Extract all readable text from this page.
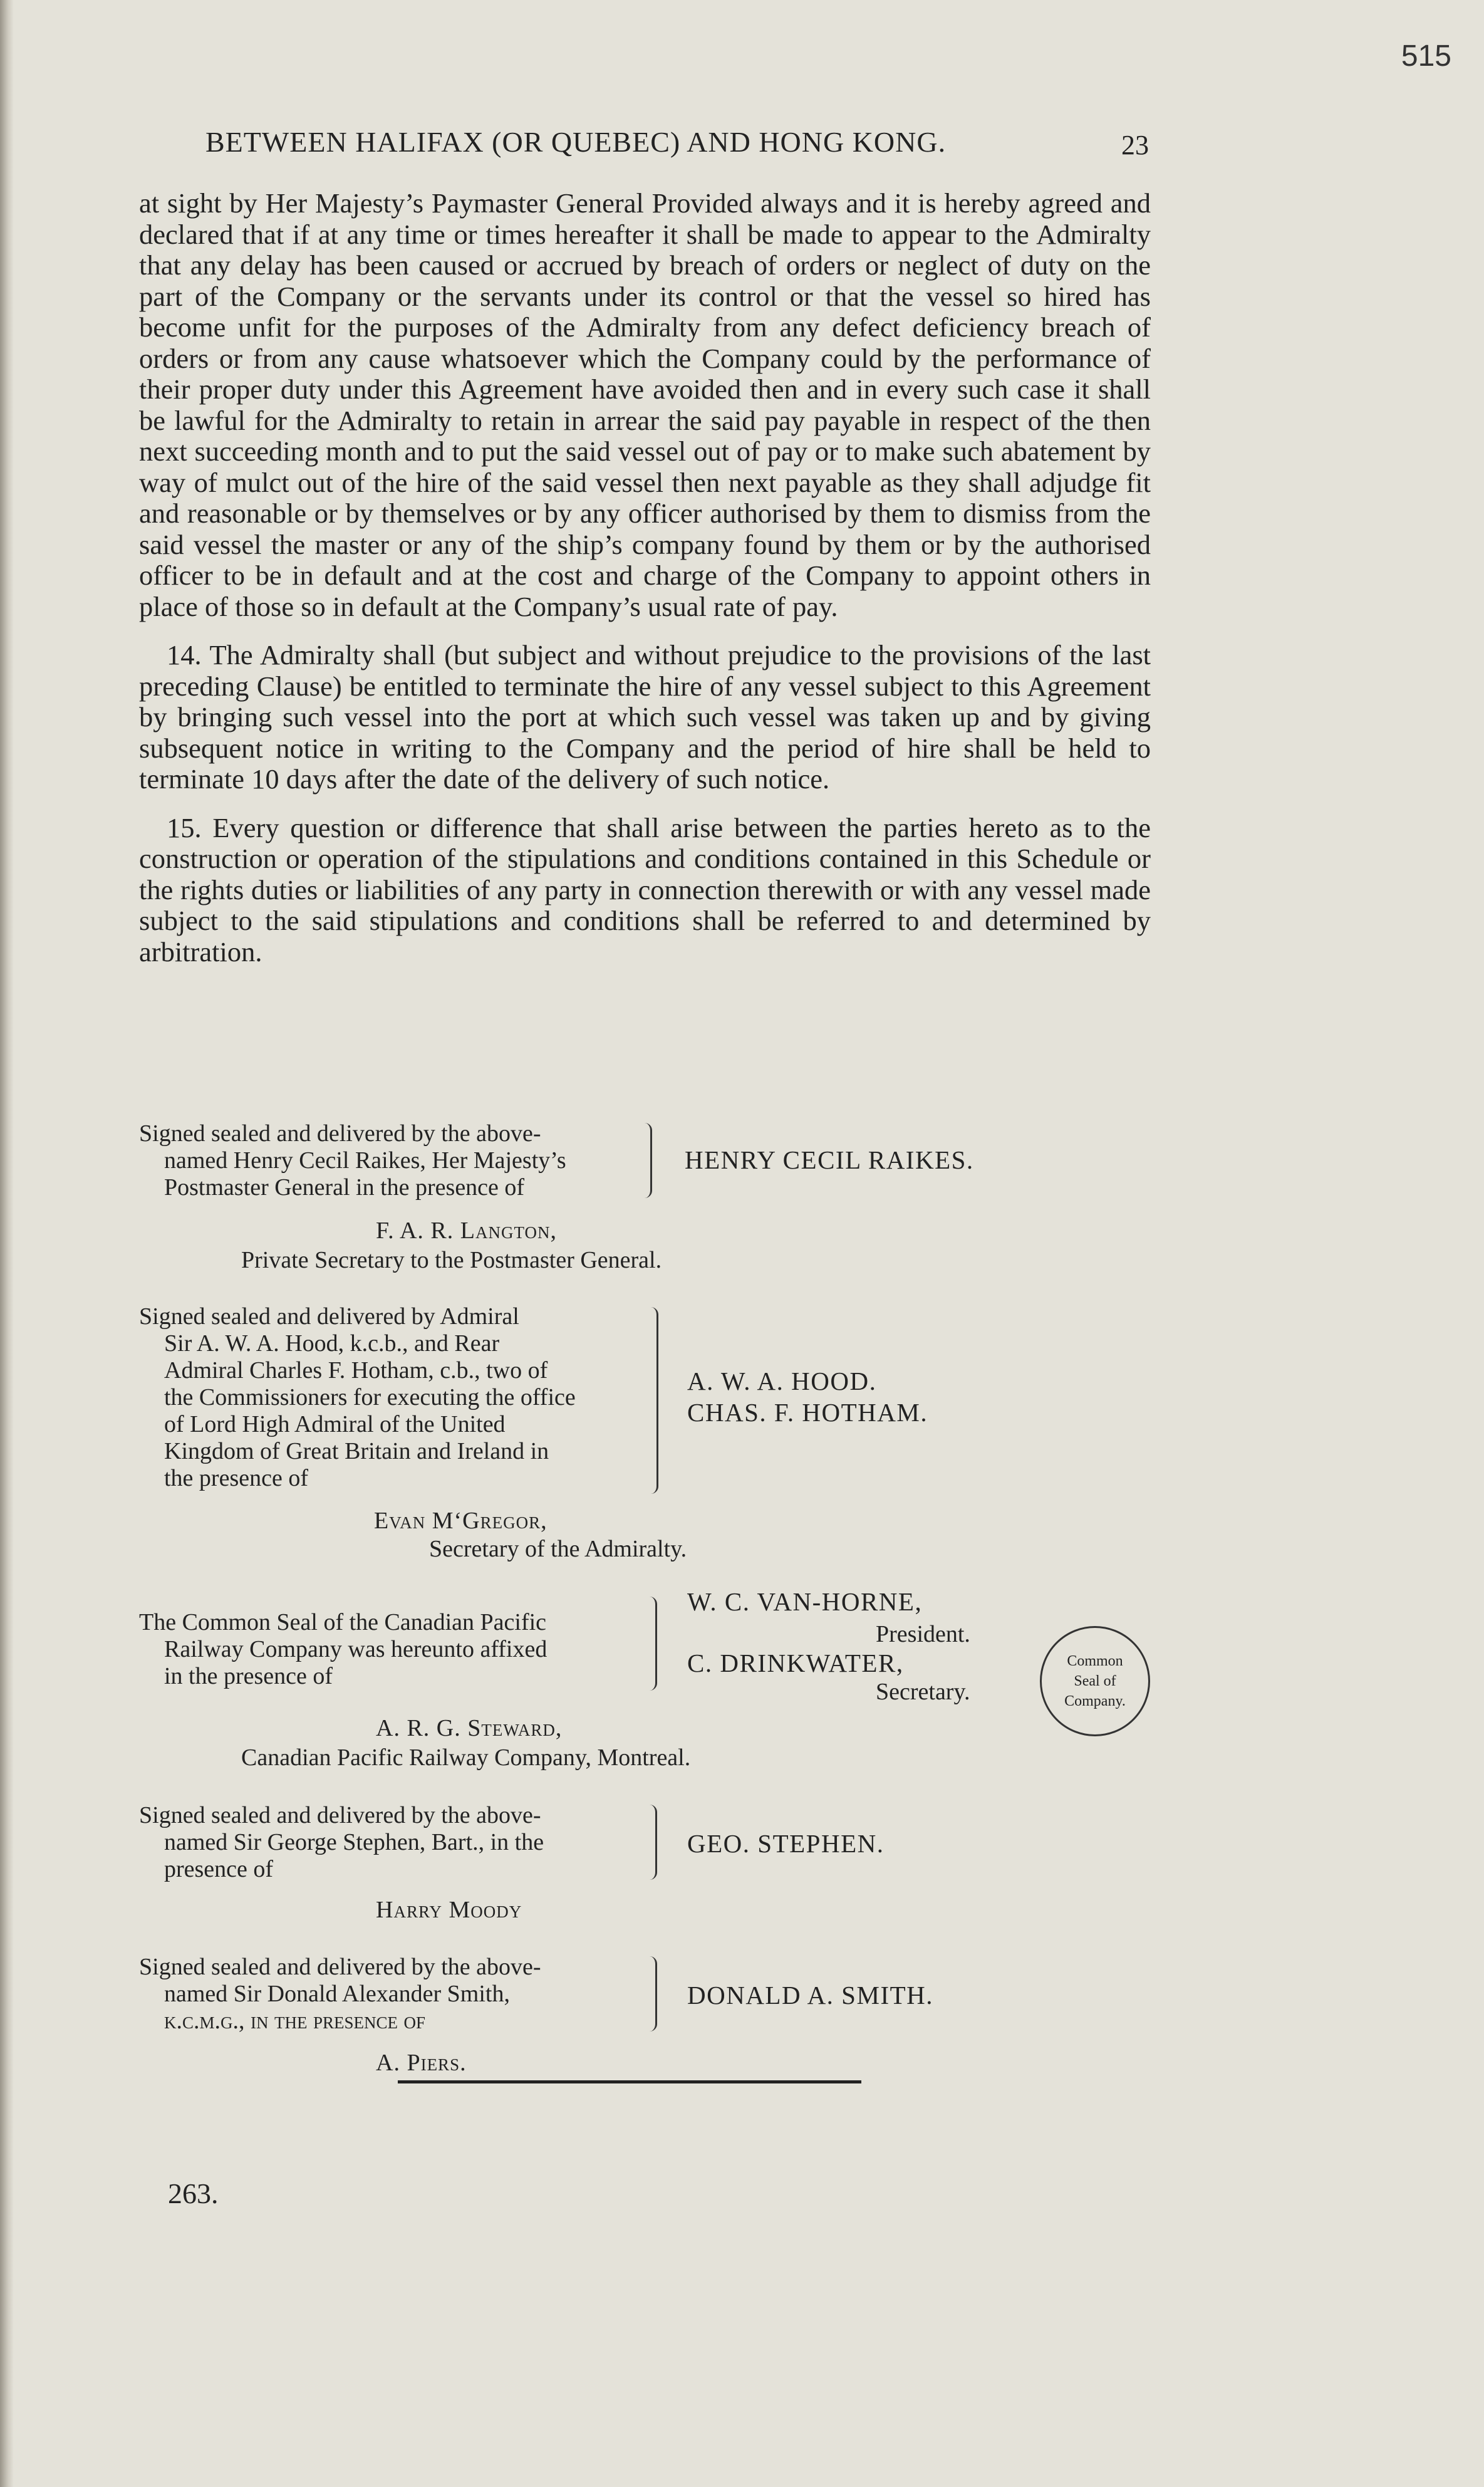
515
BETWEEN HALIFAX (OR QUEBEC) AND HONG KONG.	23

at sight by Her Majesty’s Paymaster General Provided always and it is hereby agreed and declared that if at any time or times hereafter it shall be made to appear to the Admiralty that any delay has been caused or accrued by breach of orders or neglect of duty on the part of the Company or the servants under its control or that the vessel so hired has become unfit for the purposes of the Admiralty from any defect deficiency breach of orders or from any cause whatsoever which the Company could by the performance of their proper duty under this Agreement have avoided then and in every such case it shall be lawful for the Admiralty to retain in arrear the said pay payable in respect of the then next succeeding month and to put the said vessel out of pay or to make such abatement by way of mulct out of the hire of the said vessel then next payable as they shall adjudge fit and reasonable or by themselves or by any officer authorised by them to dismiss from the said vessel the master or any of the ship’s company found by them or by the authorised officer to be in default and at the cost and charge of the Company to appoint others in place of those so in default at the Company’s usual rate of pay.

14. The Admiralty shall (but subject and without prejudice to the provisions of the last preceding Clause) be entitled to terminate the hire of any vessel subject to this Agreement by bringing such vessel into the port at which such vessel was taken up and by giving subsequent notice in writing to the Company and the period of hire shall be held to terminate 10 days after the date of the delivery of such notice.

15. Every question or difference that shall arise between the parties hereto as to the construction or operation of the stipulations and conditions contained in this Schedule or the rights duties or liabilities of any party in connection therewith or with any vessel made subject to the said stipulations and conditions shall be referred to and determined by arbitration.

Signed sealed and delivered by the above-
named Henry Cecil Raikes, Her Majesty’s
Postmaster General in the presence of
HENRY CECIL RAIKES.
F. A. R. Langton,
Private Secretary to the Postmaster General.
Signed sealed and delivered by Admiral
Sir A. W. A. Hood, k.c.b., and Rear
Admiral Charles F. Hotham, c.b., two of
the Commissioners for executing the office
of Lord High Admiral of the United
Kingdom of Great Britain and Ireland in
the presence of
A. W. A. HOOD.
CHAS. F. HOTHAM.
Evan M‘Gregor,
Secretary of the Admiralty.
The Common Seal of the Canadian Pacific
Railway Company was hereunto affixed
in the presence of
W. C. VAN-HORNE,
President.
C. DRINKWATER,
Secretary.
Common
Seal of
Company.
A. R. G. Steward,
Canadian Pacific Railway Company, Montreal.
Signed sealed and delivered by the above-
named Sir George Stephen, Bart., in the
presence of
GEO. STEPHEN.
Harry Moody
Signed sealed and delivered by the above-
named Sir Donald Alexander Smith,
k.c.m.g., in the presence of
DONALD A. SMITH.
A. Piers.
263.
